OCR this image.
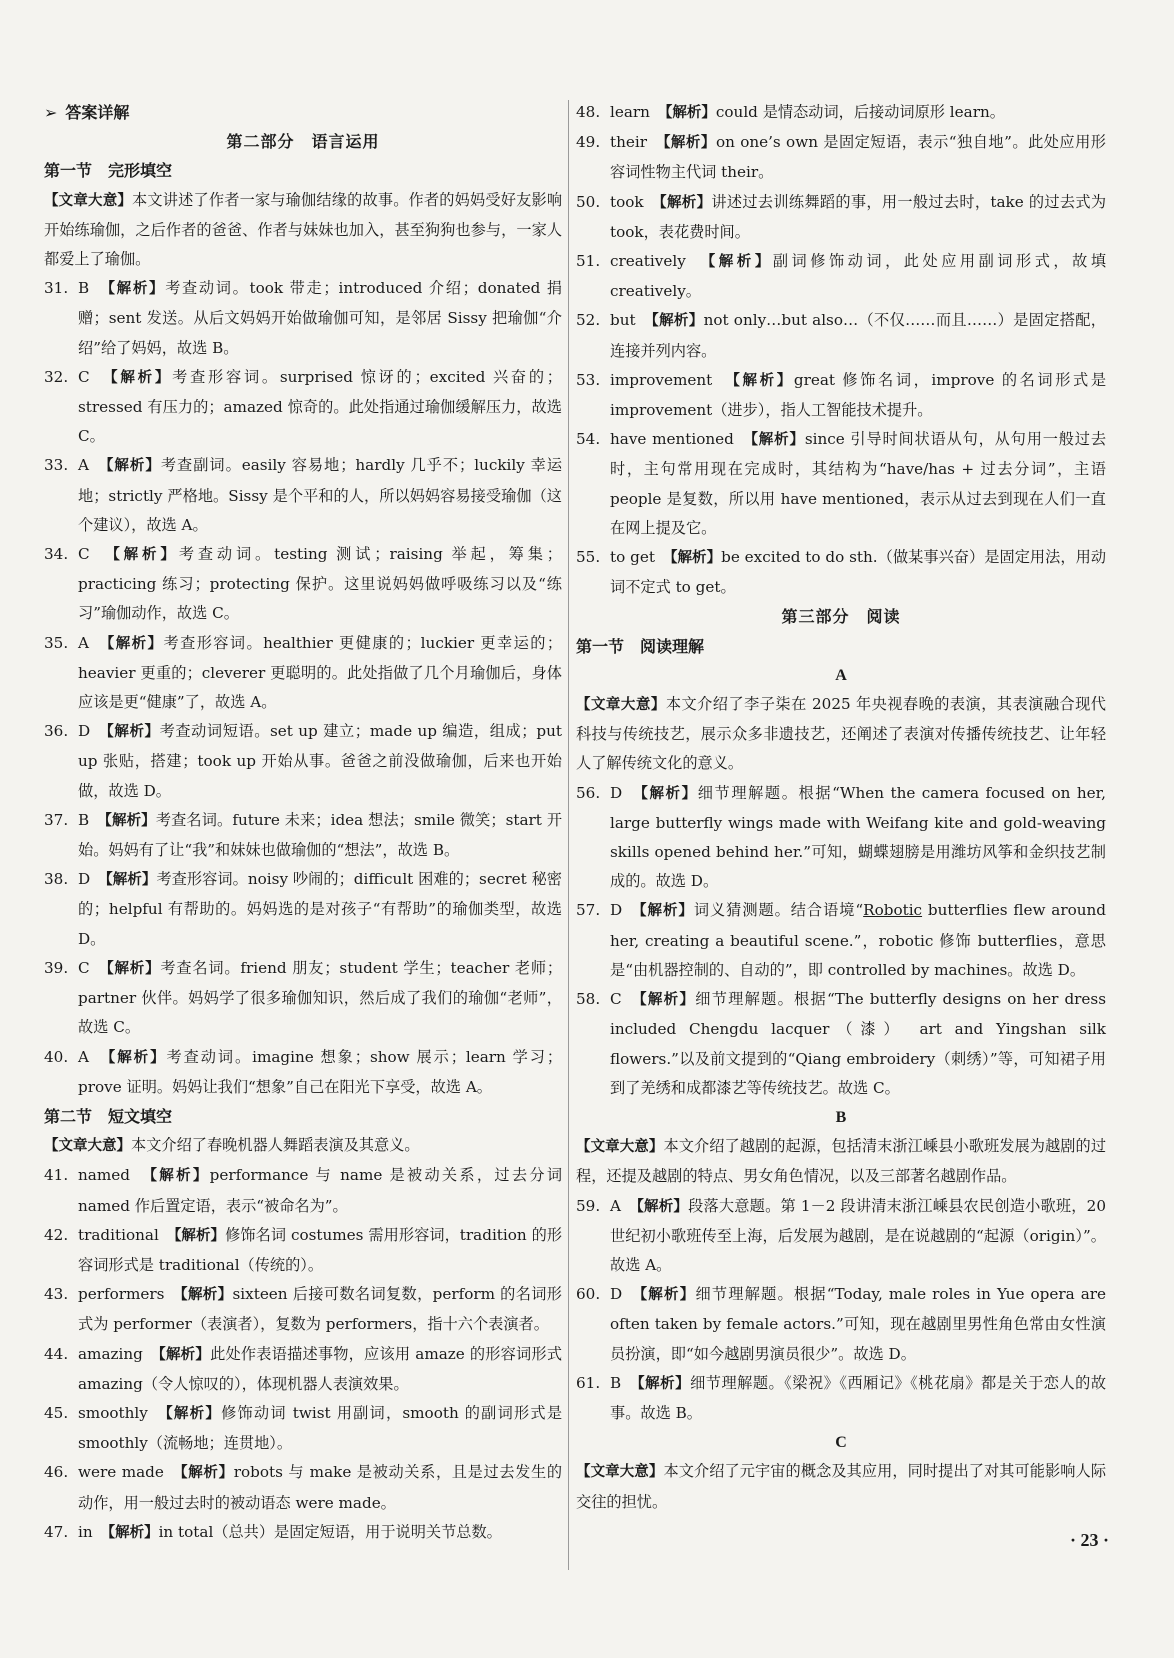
➢ 答案详解

第二部分　语言运用

第一节　完形填空

【文章大意】本文讲述了作者一家与瑜伽结缘的故事。作者的妈妈受好友影响开始练瑜伽，之后作者的爸爸、作者与妹妹也加入，甚至狗狗也参与，一家人都爱上了瑜伽。

31. B　 【解析】考查动词。took 带走；introduced 介绍；donated 捐赠；sent 发送。从后文妈妈开始做瑜伽可知，是邻居 Sissy 把瑜伽“介绍”给了妈妈，故选 B。

32. C　 【解析】考查形容词。surprised 惊讶的；excited 兴奋的；stressed 有压力的；amazed 惊奇的。此处指通过瑜伽缓解压力，故选 C。

33. A　 【解析】考查副词。easily 容易地；hardly 几乎不；luckily 幸运地；strictly 严格地。Sissy 是个平和的人，所以妈妈容易接受瑜伽（这个建议），故选 A。

34. C　 【解析】考查动词。testing 测试；raising 举起，筹集；practicing 练习；protecting 保护。这里说妈妈做呼吸练习以及“练习”瑜伽动作，故选 C。

35. A　 【解析】考查形容词。healthier 更健康的；luckier 更幸运的；heavier 更重的；cleverer 更聪明的。此处指做了几个月瑜伽后，身体应该是更“健康”了，故选 A。

36. D　 【解析】考查动词短语。set up 建立；made up 编造，组成；put up 张贴，搭建；took up 开始从事。爸爸之前没做瑜伽，后来也开始做，故选 D。

37. B　 【解析】考查名词。future 未来；idea 想法；smile 微笑；start 开始。妈妈有了让“我”和妹妹也做瑜伽的“想法”，故选 B。

38. D　 【解析】考查形容词。noisy 吵闹的；difficult 困难的；secret 秘密的；helpful 有帮助的。妈妈选的是对孩子“有帮助”的瑜伽类型，故选 D。

39. C　 【解析】考查名词。friend 朋友；student 学生；teacher 老师；partner 伙伴。妈妈学了很多瑜伽知识，然后成了我们的瑜伽“老师”，故选 C。

40. A　 【解析】考查动词。imagine 想象；show 展示；learn 学习；prove 证明。妈妈让我们“想象”自己在阳光下享受，故选 A。

第二节　短文填空

【文章大意】本文介绍了春晚机器人舞蹈表演及其意义。

41. named　 【解析】performance 与 name 是被动关系，过去分词 named 作后置定语，表示“被命名为”。

42. traditional　 【解析】修饰名词 costumes 需用形容词，tradition 的形容词形式是 traditional（传统的）。

43. performers　 【解析】sixteen 后接可数名词复数，perform 的名词形式为 performer（表演者），复数为 performers，指十六个表演者。

44. amazing　 【解析】此处作表语描述事物，应该用 amaze 的形容词形式 amazing（令人惊叹的），体现机器人表演效果。

45. smoothly　 【解析】修饰动词 twist 用副词，smooth 的副词形式是 smoothly（流畅地；连贯地）。

46. were made　 【解析】robots 与 make 是被动关系，且是过去发生的动作，用一般过去时的被动语态 were made。

47. in　 【解析】in total（总共）是固定短语，用于说明关节总数。

48. learn　 【解析】could 是情态动词，后接动词原形 learn。

49. their　 【解析】on one’s own 是固定短语，表示“独自地”。此处应用形容词性物主代词 their。

50. took　 【解析】讲述过去训练舞蹈的事，用一般过去时，take 的过去式为 took，表花费时间。

51. creatively　 【解析】副词修饰动词，此处应用副词形式，故填 creatively。

52. but　 【解析】not only…but also…（不仅……而且……）是固定搭配，连接并列内容。

53. improvement　 【解析】great 修饰名词，improve 的名词形式是 improvement（进步），指人工智能技术提升。

54. have mentioned　 【解析】since 引导时间状语从句，从句用一般过去时，主句常用现在完成时，其结构为“have/has + 过去分词”，主语 people 是复数，所以用 have mentioned，表示从过去到现在人们一直在网上提及它。

55. to get　 【解析】be excited to do sth.（做某事兴奋）是固定用法，用动词不定式 to get。

第三部分　阅读

第一节　阅读理解

A

【文章大意】本文介绍了李子柒在 2025 年央视春晚的表演，其表演融合现代科技与传统技艺，展示众多非遗技艺，还阐述了表演对传播传统技艺、让年轻人了解传统文化的意义。

56. D　 【解析】细节理解题。根据“When the camera focused on her, large butterfly wings made with Weifang kite and gold-weaving skills opened behind her.”可知，蝴蝶翅膀是用潍坊风筝和金织技艺制成的。故选 D。

57. D　 【解析】词义猜测题。结合语境“Robotic butterflies flew around her, creating a beautiful scene.”，robotic 修饰 butterflies，意思是“由机器控制的、自动的”，即 controlled by machines。故选 D。

58. C　 【解析】细节理解题。根据“The butterfly designs on her dress included Chengdu lacquer（漆） art and Yingshan silk flowers.”以及前文提到的“Qiang embroidery（刺绣）”等，可知裙子用到了羌绣和成都漆艺等传统技艺。故选 C。

B

【文章大意】本文介绍了越剧的起源，包括清末浙江嵊县小歌班发展为越剧的过程，还提及越剧的特点、男女角色情况，以及三部著名越剧作品。

59. A　 【解析】段落大意题。第 1－2 段讲清末浙江嵊县农民创造小歌班，20 世纪初小歌班传至上海，后发展为越剧，是在说越剧的“起源（origin）”。故选 A。

60. D　 【解析】细节理解题。根据“Today, male roles in Yue opera are often taken by female actors.”可知，现在越剧里男性角色常由女性演员扮演，即“如今越剧男演员很少”。故选 D。

61. B　 【解析】细节理解题。《梁祝》《西厢记》《桃花扇》都是关于恋人的故事。故选 B。

C

【文章大意】本文介绍了元宇宙的概念及其应用，同时提出了对其可能影响人际交往的担忧。

· 23 ·
